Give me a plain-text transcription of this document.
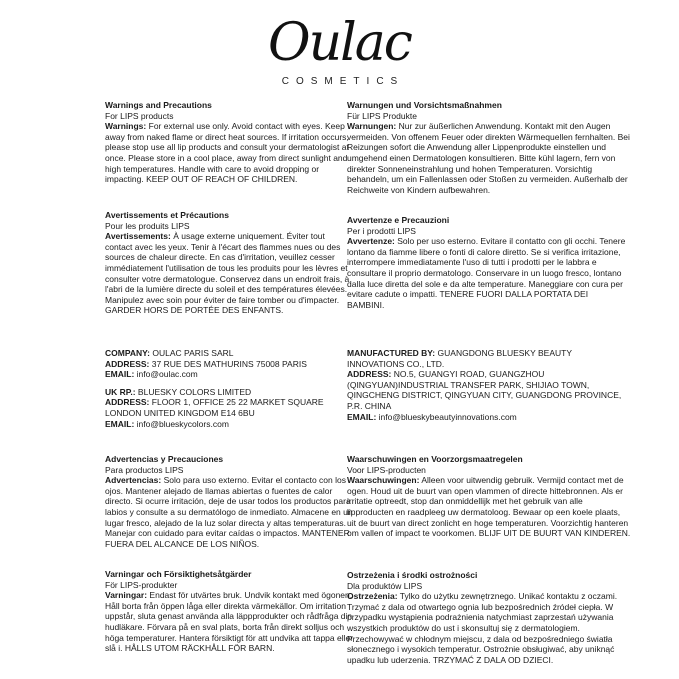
Oulac
COSMETICS
Warnings and Precautions
For LIPS products

Warnings: For external use only. Avoid contact with eyes. Keep away from naked flame or direct heat sources. If irritation occurs, please stop use all lip products and consult your dermatologist at once. Please store in a cool place, away from direct sunlight and high temperatures. Handle with care to avoid dropping or impacting. KEEP OUT OF REACH OF CHILDREN.

Warnungen und Vorsichtsmaßnahmen
Für LIPS Produkte

Warnungen: Nur zur äußerlichen Anwendung. Kontakt mit den Augen vermeiden. Von offenem Feuer oder direkten Wärmequellen fernhalten. Bei Reizungen sofort die Anwendung aller Lippenprodukte einstellen und umgehend einen Dermatologen konsultieren. Bitte kühl lagern, fern von direkter Sonneneinstrahlung und hohen Temperaturen. Vorsichtig behandeln, um ein Fallenlassen oder Stoßen zu vermeiden. Außerhalb der Reichweite von Kindern aufbewahren.

Avertissements et Précautions
Pour les produits LIPS

Avertissements: À usage externe uniquement. Éviter tout contact avec les yeux. Tenir à l'écart des flammes nues ou des sources de chaleur directe. En cas d'irritation, veuillez cesser immédiatement l'utilisation de tous les produits pour les lèvres et consulter votre dermatologue. Conservez dans un endroit frais, à l'abri de la lumière directe du soleil et des températures élevées. Manipulez avec soin pour éviter de faire tomber ou d'impacter. GARDER HORS DE PORTÉE DES ENFANTS.

Avvertenze e Precauzioni
Per i prodotti LIPS

Avvertenze: Solo per uso esterno. Evitare il contatto con gli occhi. Tenere lontano da fiamme libere o fonti di calore diretto. Se si verifica irritazione, interrompere immediatamente l'uso di tutti i prodotti per le labbra e consultare il proprio dermatologo. Conservare in un luogo fresco, lontano dalla luce diretta del sole e da alte temperature. Maneggiare con cura per evitare cadute o impatti. TENERE FUORI DALLA PORTATA DEI BAMBINI.

COMPANY: OULAC PARIS SARL
ADDRESS: 37 RUE DES MATHURINS 75008 PARIS
EMAIL: info@oulac.com
UK RP.: BLUESKY COLORS LIMITED
ADDRESS: FLOOR 1, OFFICE 25 22 MARKET SQUARE LONDON UNITED KINGDOM E14 6BU
EMAIL: info@blueskycolors.com
MANUFACTURED BY: GUANGDONG BLUESKY BEAUTY INNOVATIONS CO., LTD.
ADDRESS: NO.5, GUANGYI ROAD, GUANGZHOU (QINGYUAN)INDUSTRIAL TRANSFER PARK, SHIJIAO TOWN, QINGCHENG DISTRICT, QINGYUAN CITY, GUANGDONG PROVINCE, P.R. CHINA
EMAIL: info@blueskybeautyinnovations.com
Advertencias y Precauciones
Para productos LIPS

Advertencias: Solo para uso externo. Evitar el contacto con los ojos. Mantener alejado de llamas abiertas o fuentes de calor directo. Si ocurre irritación, deje de usar todos los productos para labios y consulte a su dermatólogo de inmediato. Almacene en un lugar fresco, alejado de la luz solar directa y altas temperaturas. Manejar con cuidado para evitar caídas o impactos. MANTENER FUERA DEL ALCANCE DE LOS NIÑOS.

Waarschuwingen en Voorzorgsmaatregelen
Voor LIPS-producten

Waarschuwingen: Alleen voor uitwendig gebruik. Vermijd contact met de ogen. Houd uit de buurt van open vlammen of directe hittebronnen. Als er irritatie optreedt, stop dan onmiddellijk met het gebruik van alle lipproducten en raadpleeg uw dermatoloog. Bewaar op een koele plaats, uit de buurt van direct zonlicht en hoge temperaturen. Voorzichtig hanteren om vallen of impact te voorkomen. BLIJF UIT DE BUURT VAN KINDEREN.

Varningar och Försiktighetsåtgärder
För LIPS-produkter

Varningar: Endast för utvärtes bruk. Undvik kontakt med ögonen. Håll borta från öppen låga eller direkta värmekällor. Om irritation uppstår, sluta genast använda alla läppprodukter och rådfråga din hudläkare. Förvara på en sval plats, borta från direkt solljus och höga temperaturer. Hantera försiktigt för att undvika att tappa eller slå i. HÅLLS UTOM RÄCKHÅLL FÖR BARN.

Ostrzeżenia i środki ostrożności
Dla produktów LIPS

Ostrzeżenia: Tylko do użytku zewnętrznego. Unikać kontaktu z oczami. Trzymać z dala od otwartego ognia lub bezpośrednich źródeł ciepła. W przypadku wystąpienia podrażnienia natychmiast zaprzestań używania wszystkich produktów do ust i skonsultuj się z dermatologiem. Przechowywać w chłodnym miejscu, z dala od bezpośredniego światła słonecznego i wysokich temperatur. Ostrożnie obsługiwać, aby uniknąć upadku lub uderzenia. TRZYMAĆ Z DALA OD DZIECI.
